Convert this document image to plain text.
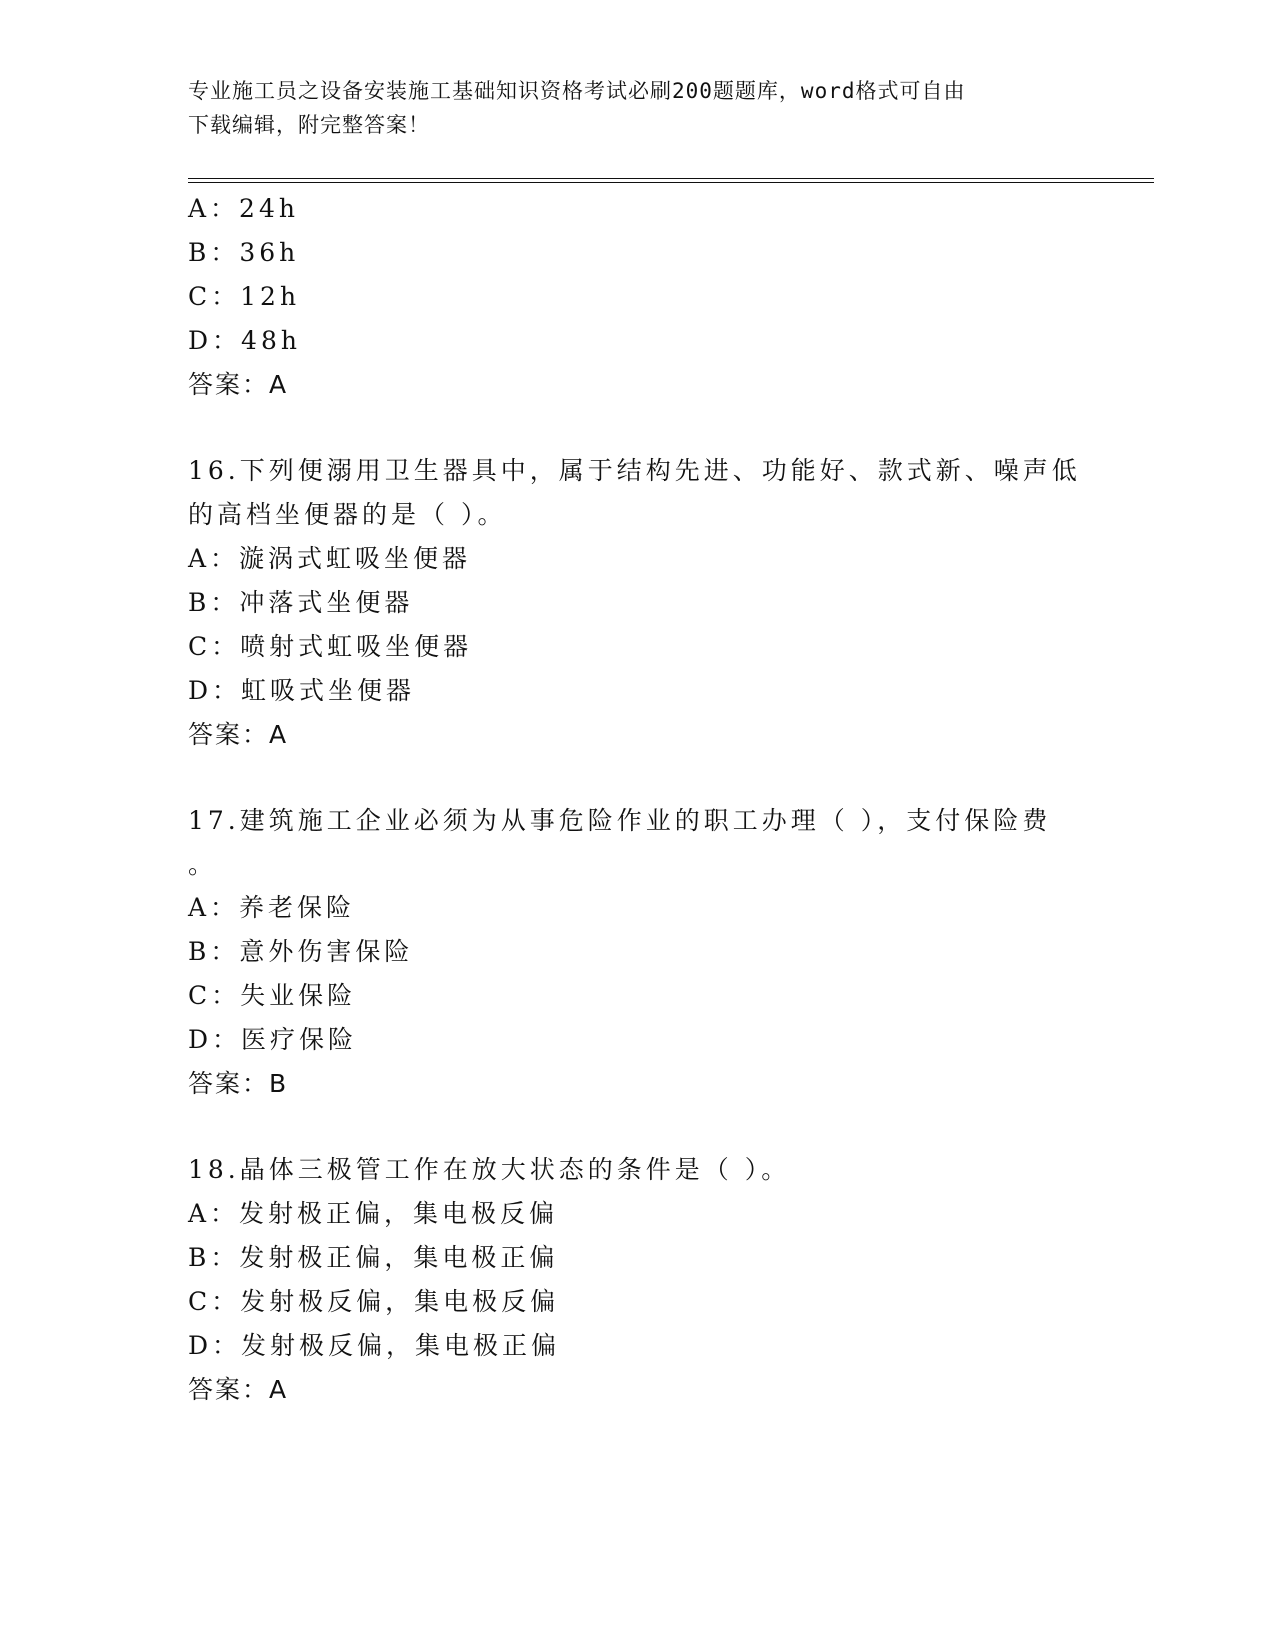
专业施工员之设备安装施工基础知识资格考试必刷200题题库，word格式可自由
下载编辑，附完整答案！
A：24h
B：36h
C：12h
D：48h
答案：A
16.下列便溺用卫生器具中，属于结构先进、功能好、款式新、噪声低
的高档坐便器的是（ ）。
A：漩涡式虹吸坐便器
B：冲落式坐便器
C：喷射式虹吸坐便器
D：虹吸式坐便器
答案：A
17.建筑施工企业必须为从事危险作业的职工办理（ ），支付保险费
。
A：养老保险
B：意外伤害保险
C：失业保险
D：医疗保险
答案：B
18.晶体三极管工作在放大状态的条件是（ ）。
A：发射极正偏，集电极反偏
B：发射极正偏，集电极正偏
C：发射极反偏，集电极反偏
D：发射极反偏，集电极正偏
答案：A
